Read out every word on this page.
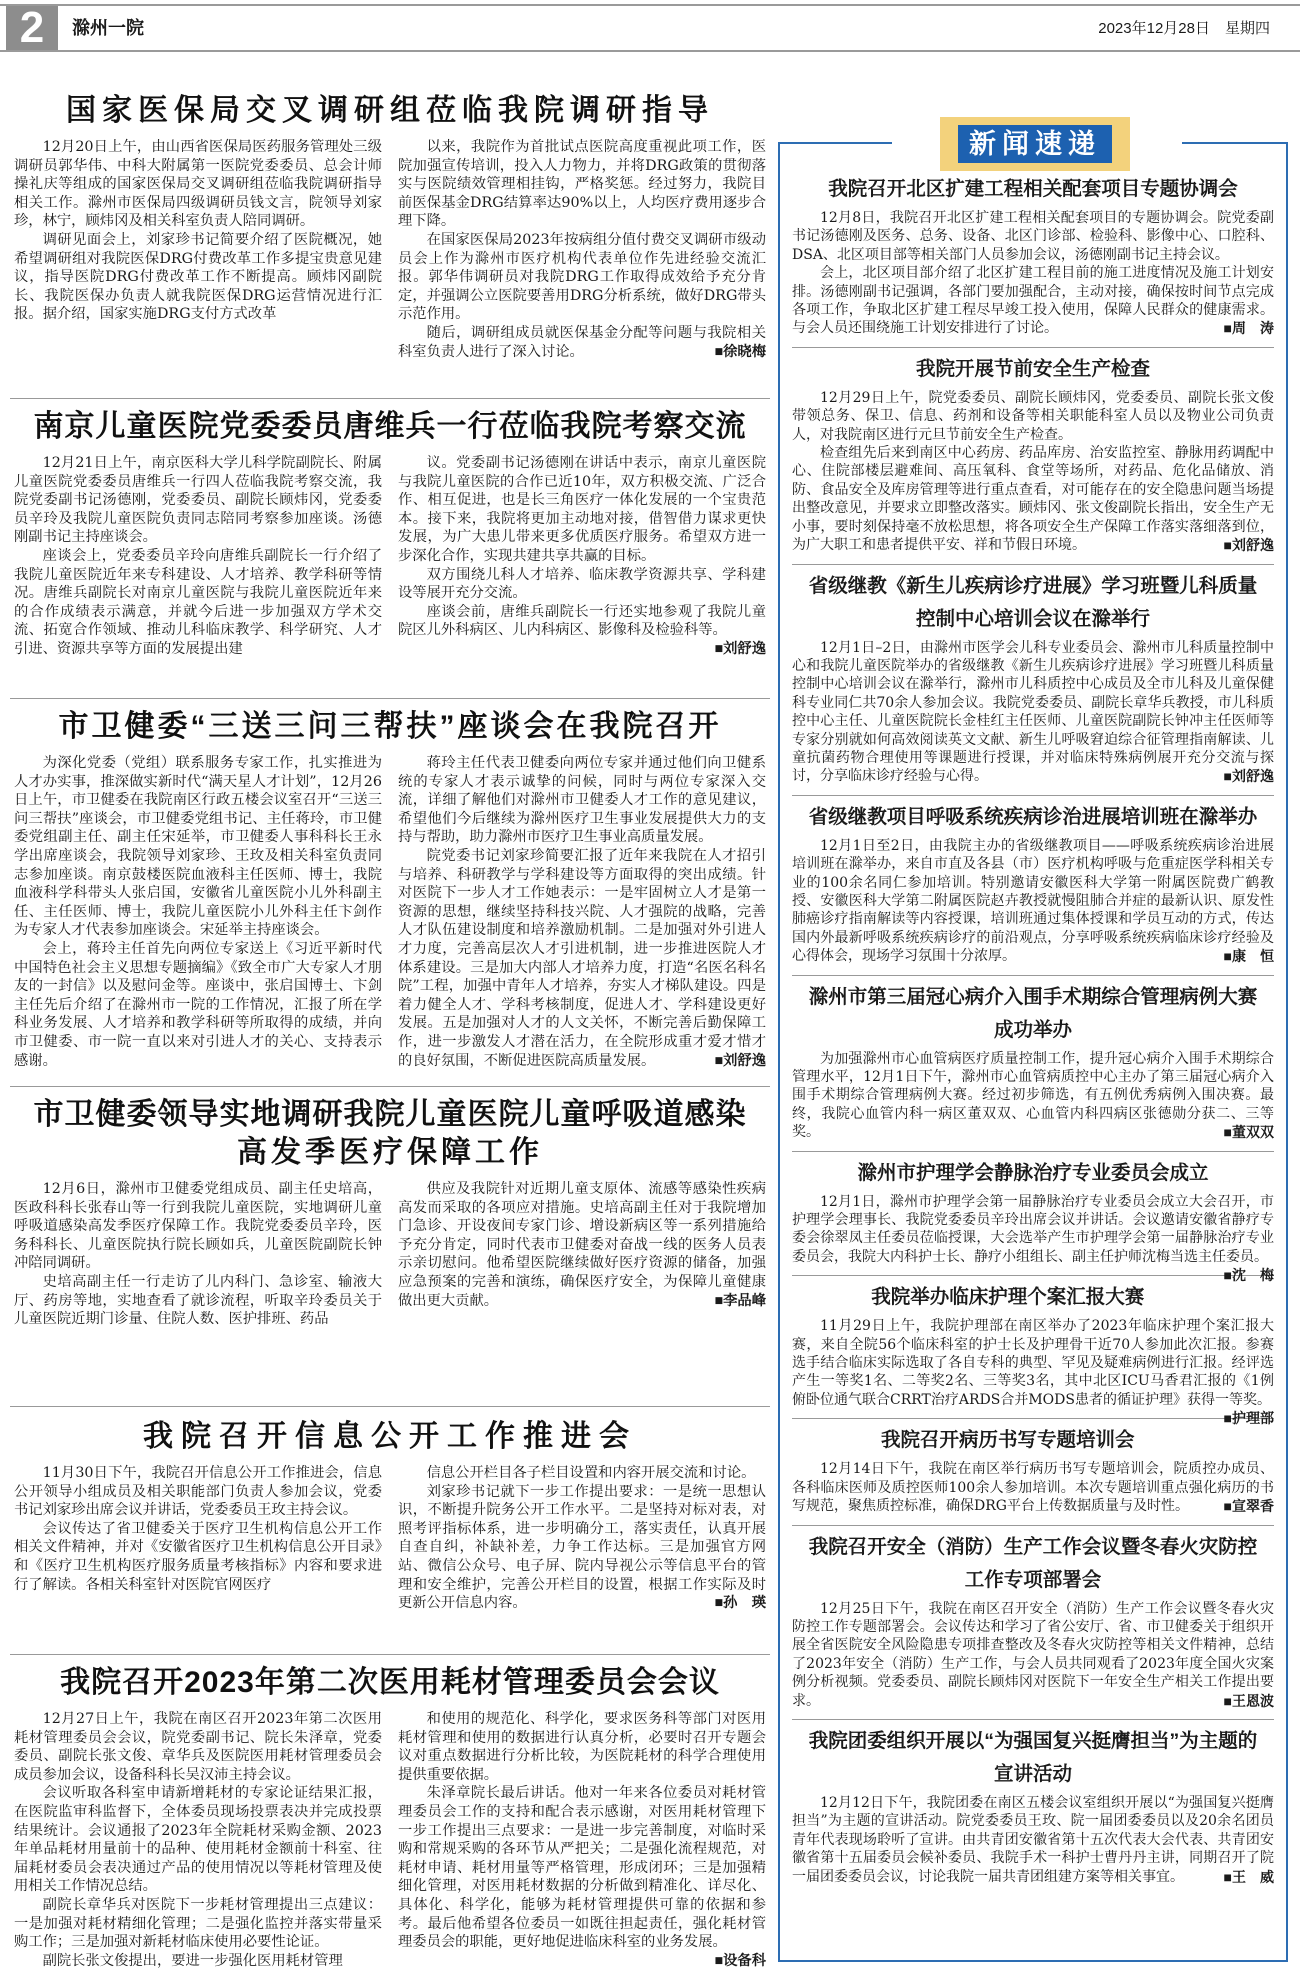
2	滁州一院	2023年12月28日　星期四
国家医保局交叉调研组莅临我院调研指导

12月20日上午，由山西省医保局医药服务管理处三级调研员郭华伟、中科大附属第一医院党委委员、总会计师操礼庆等组成的国家医保局交叉调研组莅临我院调研指导相关工作。滁州市医保局四级调研员钱文言，院领导刘家珍，林宁，顾炜冈及相关科室负责人陪同调研。

调研见面会上，刘家珍书记简要介绍了医院概况，她希望调研组对我院医保DRG付费改革工作多提宝贵意见建议，指导医院DRG付费改革工作不断提高。顾炜冈副院长、我院医保办负责人就我院医保DRG运营情况进行汇报。据介绍，国家实施DRG支付方式改革

以来，我院作为首批试点医院高度重视此项工作，医院加强宣传培训，投入人力物力，并将DRG政策的贯彻落实与医院绩效管理相挂钩，严格奖惩。经过努力，我院目前医保基金DRG结算率达90%以上，人均医疗费用逐步合理下降。

在国家医保局2023年按病组分值付费交叉调研市级动员会上作为滁州市医疗机构代表单位作先进经验交流汇报。郭华伟调研员对我院DRG工作取得成效给予充分肯定，并强调公立医院要善用DRG分析系统，做好DRG带头示范作用。

随后，调研组成员就医保基金分配等问题与我院相关科室负责人进行了深入讨论。	■徐晓梅

南京儿童医院党委委员唐维兵一行莅临我院考察交流

12月21日上午，南京医科大学儿科学院副院长、附属儿童医院党委委员唐维兵一行四人莅临我院考察交流，我院党委副书记汤德刚，党委委员、副院长顾炜冈，党委委员辛玲及我院儿童医院负责同志陪同考察参加座谈。汤德刚副书记主持座谈会。

座谈会上，党委委员辛玲向唐维兵副院长一行介绍了我院儿童医院近年来专科建设、人才培养、教学科研等情况。唐维兵副院长对南京儿童医院与我院儿童医院近年来的合作成绩表示满意，并就今后进一步加强双方学术交流、拓宽合作领域、推动儿科临床教学、科学研究、人才引进、资源共享等方面的发展提出建

议。党委副书记汤德刚在讲话中表示，南京儿童医院与我院儿童医院的合作已近10年，双方积极交流、广泛合作、相互促进，也是长三角医疗一体化发展的一个宝贵范本。接下来，我院将更加主动地对接，借智借力谋求更快发展，为广大患儿带来更多优质医疗服务。希望双方进一步深化合作，实现共建共享共赢的目标。

双方围绕儿科人才培养、临床教学资源共享、学科建设等展开充分交流。

座谈会前，唐维兵副院长一行还实地参观了我院儿童院区儿外科病区、儿内科病区、影像科及检验科等。
■刘舒逸

市卫健委“三送三问三帮扶”座谈会在我院召开

为深化党委（党组）联系服务专家工作，扎实推进为人才办实事，推深做实新时代“满天星人才计划”，12月26日上午，市卫健委在我院南区行政五楼会议室召开“三送三问三帮扶”座谈会，市卫健委党组书记、主任蒋玲，市卫健委党组副主任、副主任宋延举，市卫健委人事科科长王永学出席座谈会，我院领导刘家珍、王玫及相关科室负责同志参加座谈。南京鼓楼医院血液科主任医师、博士，我院血液科学科带头人张启国，安徽省儿童医院小儿外科副主任、主任医师、博士，我院儿童医院小儿外科主任卞剑作为专家人才代表参加座谈会。宋延举主持座谈会。

会上，蒋玲主任首先向两位专家送上《习近平新时代中国特色社会主义思想专题摘编》《致全市广大专家人才朋友的一封信》以及慰问金等。座谈中，张启国博士、卞剑主任先后介绍了在滁州市一院的工作情况，汇报了所在学科业务发展、人才培养和教学科研等所取得的成绩，并向市卫健委、市一院一直以来对引进人才的关心、支持表示感谢。

蒋玲主任代表卫健委向两位专家并通过他们向卫健系统的专家人才表示诚挚的问候，同时与两位专家深入交流，详细了解他们对滁州市卫健委人才工作的意见建议，希望他们今后继续为滁州医疗卫生事业发展提供大力的支持与帮助，助力滁州市医疗卫生事业高质量发展。

院党委书记刘家珍简要汇报了近年来我院在人才招引与培养、科研教学与学科建设等方面取得的突出成绩。针对医院下一步人才工作她表示：一是牢固树立人才是第一资源的思想，继续坚持科技兴院、人才强院的战略，完善人才队伍建设制度和培养激励机制。二是加强对外引进人才力度，完善高层次人才引进机制，进一步推进医院人才体系建设。三是加大内部人才培养力度，打造“名医名科名院”工程，加强中青年人才培养，夯实人才梯队建设。四是着力健全人才、学科考核制度，促进人才、学科建设更好发展。五是加强对人才的人文关怀，不断完善后勤保障工作，进一步激发人才潜在活力，在全院形成重才爱才惜才的良好氛围，不断促进医院高质量发展。	■刘舒逸

市卫健委领导实地调研我院儿童医院儿童呼吸道感染
高发季医疗保障工作

12月6日，滁州市卫健委党组成员、副主任史培高，医政科科长张春山等一行到我院儿童医院，实地调研儿童呼吸道感染高发季医疗保障工作。我院党委委员辛玲，医务科科长、儿童医院执行院长顾如兵，儿童医院副院长钟冲陪同调研。

史培高副主任一行走访了儿内科门、急诊室、输液大厅、药房等地，实地查看了就诊流程，听取辛玲委员关于儿童医院近期门诊量、住院人数、医护排班、药品

供应及我院针对近期儿童支原体、流感等感染性疾病高发而采取的各项应对措施。史培高副主任对于我院增加门急诊、开设夜间专家门诊、增设新病区等一系列措施给予充分肯定，同时代表市卫健委对奋战一线的医务人员表示亲切慰问。他希望医院继续做好医疗资源的储备，加强应急预案的完善和演练，确保医疗安全，为保障儿童健康做出更大贡献。	■李品峰

我院召开信息公开工作推进会

11月30日下午，我院召开信息公开工作推进会，信息公开领导小组成员及相关职能部门负责人参加会议，党委书记刘家珍出席会议并讲话，党委委员王玫主持会议。

会议传达了省卫健委关于医疗卫生机构信息公开工作相关文件精神，并对《安徽省医疗卫生机构信息公开目录》和《医疗卫生机构医疗服务质量考核指标》内容和要求进行了解读。各相关科室针对医院官网医疗

信息公开栏目各子栏目设置和内容开展交流和讨论。

刘家珍书记就下一步工作提出要求：一是统一思想认识，不断提升院务公开工作水平。二是坚持对标对表，对照考评指标体系，进一步明确分工，落实责任，认真开展自查自纠，补缺补差，力争工作达标。三是加强官方网站、微信公众号、电子屏、院内导视公示等信息平台的管理和安全维护，完善公开栏目的设置，根据工作实际及时更新公开信息内容。	■孙　瑛

我院召开2023年第二次医用耗材管理委员会会议

12月27日上午，我院在南区召开2023年第二次医用耗材管理委员会会议，院党委副书记、院长朱泽章，党委委员、副院长张文俊、章华兵及医院医用耗材管理委员会成员参加会议，设备科科长吴汉沛主持会议。

会议听取各科室申请新增耗材的专家论证结果汇报，在医院监审科监督下，全体委员现场投票表决并完成投票结果统计。会议通报了2023年全院耗材采购金额、2023年单品耗材用量前十的品种、使用耗材金额前十科室、往届耗材委员会表决通过产品的使用情况以等耗材管理及使用相关工作情况总结。

副院长章华兵对医院下一步耗材管理提出三点建议：一是加强对耗材精细化管理；二是强化监控并落实带量采购工作；三是加强对新耗材临床使用必要性论证。

副院长张文俊提出，要进一步强化医用耗材管理

和使用的规范化、科学化，要求医务科等部门对医用耗材管理和使用的数据进行认真分析，必要时召开专题会议对重点数据进行分析比较，为医院耗材的科学合理使用提供重要依据。

朱泽章院长最后讲话。他对一年来各位委员对耗材管理委员会工作的支持和配合表示感谢，对医用耗材管理下一步工作提出三点要求：一是进一步完善制度，对临时采购和常规采购的各环节从严把关；二是强化流程规范，对耗材申请、耗材用量等严格管理，形成闭环；三是加强精细化管理，对医用耗材数据的分析做到精准化、详尽化、具体化、科学化，能够为耗材管理提供可靠的依据和参考。最后他希望各位委员一如既往担起责任，强化耗材管理委员会的职能，更好地促进临床科室的业务发展。
■设备科

我院召开北区扩建工程相关配套项目专题协调会

12月8日，我院召开北区扩建工程相关配套项目的专题协调会。院党委副书记汤德刚及医务、总务、设备、北区门诊部、检验科、影像中心、口腔科、DSA、北区项目部等相关部门人员参加会议，汤德刚副书记主持会议。

会上，北区项目部介绍了北区扩建工程目前的施工进度情况及施工计划安排。汤德刚副书记强调，各部门要加强配合，主动对接，确保按时间节点完成各项工作，争取北区扩建工程尽早竣工投入使用，保障人民群众的健康需求。与会人员还围绕施工计划安排进行了讨论。	■周　涛

我院开展节前安全生产检查

12月29日上午，院党委委员、副院长顾炜冈，党委委员、副院长张文俊带领总务、保卫、信息、药剂和设备等相关职能科室人员以及物业公司负责人，对我院南区进行元旦节前安全生产检查。

检查组先后来到南区中心药房、药品库房、治安监控室、静脉用药调配中心、住院部楼层避难间、高压氧科、食堂等场所，对药品、危化品储放、消防、食品安全及库房管理等进行重点查看，对可能存在的安全隐患问题当场提出整改意见，并要求立即整改落实。顾炜冈、张文俊副院长指出，安全生产无小事，要时刻保持毫不放松思想，将各项安全生产保障工作落实落细落到位，为广大职工和患者提供平安、祥和节假日环境。	■刘舒逸

省级继教《新生儿疾病诊疗进展》学习班暨儿科质量
控制中心培训会议在滁举行

12月1日–2日，由滁州市医学会儿科专业委员会、滁州市儿科质量控制中心和我院儿童医院举办的省级继教《新生儿疾病诊疗进展》学习班暨儿科质量控制中心培训会议在滁举行，滁州市儿科质控中心成员及全市儿科及儿童保健科专业同仁共70余人参加会议。我院党委委员、副院长章华兵教授，市儿科质控中心主任、儿童医院院长金桂红主任医师、儿童医院副院长钟冲主任医师等专家分别就如何高效阅读英文文献、新生儿呼吸窘迫综合征管理指南解读、儿童抗菌药物合理使用等课题进行授课，并对临床特殊病例展开充分交流与探讨，分享临床诊疗经验与心得。	■刘舒逸

省级继教项目呼吸系统疾病诊治进展培训班在滁举办

12月1日至2日，由我院主办的省级继教项目——呼吸系统疾病诊治进展培训班在滁举办，来自市直及各县（市）医疗机构呼吸与危重症医学科相关专业的100余名同仁参加培训。特别邀请安徽医科大学第一附属医院费广鹤教授、安徽医科大学第二附属医院赵卉教授就慢阻肺合并症的最新认识、原发性肺癌诊疗指南解读等内容授课，培训班通过集体授课和学员互动的方式，传达国内外最新呼吸系统疾病诊疗的前沿观点，分享呼吸系统疾病临床诊疗经验及心得体会，现场学习氛围十分浓厚。	■康　恒

滁州市第三届冠心病介入围手术期综合管理病例大赛
成功举办

为加强滁州市心血管病医疗质量控制工作，提升冠心病介入围手术期综合管理水平，12月1日下午，滁州市心血管病质控中心主办了第三届冠心病介入围手术期综合管理病例大赛。经过初步筛选，有五例优秀病例入围决赛。最终，我院心血管内科一病区董双双、心血管内科四病区张德勋分获二、三等奖。	■董双双

滁州市护理学会静脉治疗专业委员会成立

12月1日，滁州市护理学会第一届静脉治疗专业委员会成立大会召开，市护理学会理事长、我院党委委员辛玲出席会议并讲话。会议邀请安徽省静疗专委会徐翠凤主任委员莅临授课，大会选举产生市护理学会第一届静脉治疗专业委员会，我院大内科护士长、静疗小组组长、副主任护师沈梅当选主任委员。
■沈　梅

我院举办临床护理个案汇报大赛

11月29日上午，我院护理部在南区举办了2023年临床护理个案汇报大赛，来自全院56个临床科室的护士长及护理骨干近70人参加此次汇报。参赛选手结合临床实际选取了各自专科的典型、罕见及疑难病例进行汇报。经评选产生一等奖1名、二等奖2名、三等奖3名，其中北区ICU马香君汇报的《1例俯卧位通气联合CRRT治疗ARDS合并MODS患者的循证护理》获得一等奖。
■护理部

我院召开病历书写专题培训会

12月14日下午，我院在南区举行病历书写专题培训会，院质控办成员、各科临床医师及质控医师100余人参加培训。本次专题培训重点强化病历的书写规范，聚焦质控标准，确保DRG平台上传数据质量与及时性。 ■宣翠香

我院召开安全（消防）生产工作会议暨冬春火灾防控
工作专项部署会

12月25日下午，我院在南区召开安全（消防）生产工作会议暨冬春火灾防控工作专题部署会。会议传达和学习了省公安厅、省、市卫健委关于组织开展全省医院安全风险隐患专项排查整改及冬春火灾防控等相关文件精神，总结了2023年安全（消防）生产工作，与会人员共同观看了2023年度全国火灾案例分析视频。党委委员、副院长顾炜冈对医院下一年安全生产相关工作提出要求。	■王恩波

我院团委组织开展以“为强国复兴挺膺担当”为主题的
宣讲活动

12月12日下午，我院团委在南区五楼会议室组织开展以“为强国复兴挺膺担当”为主题的宣讲活动。院党委委员王玫、院一届团委委员以及20余名团员青年代表现场聆听了宣讲。由共青团安徽省第十五次代表大会代表、共青团安徽省第十五届委员会候补委员、我院手术一科护士曹丹丹主讲，同期召开了院一届团委委员会议，讨论我院一届共青团组建方案等相关事宜。	■王　威

新闻速递
